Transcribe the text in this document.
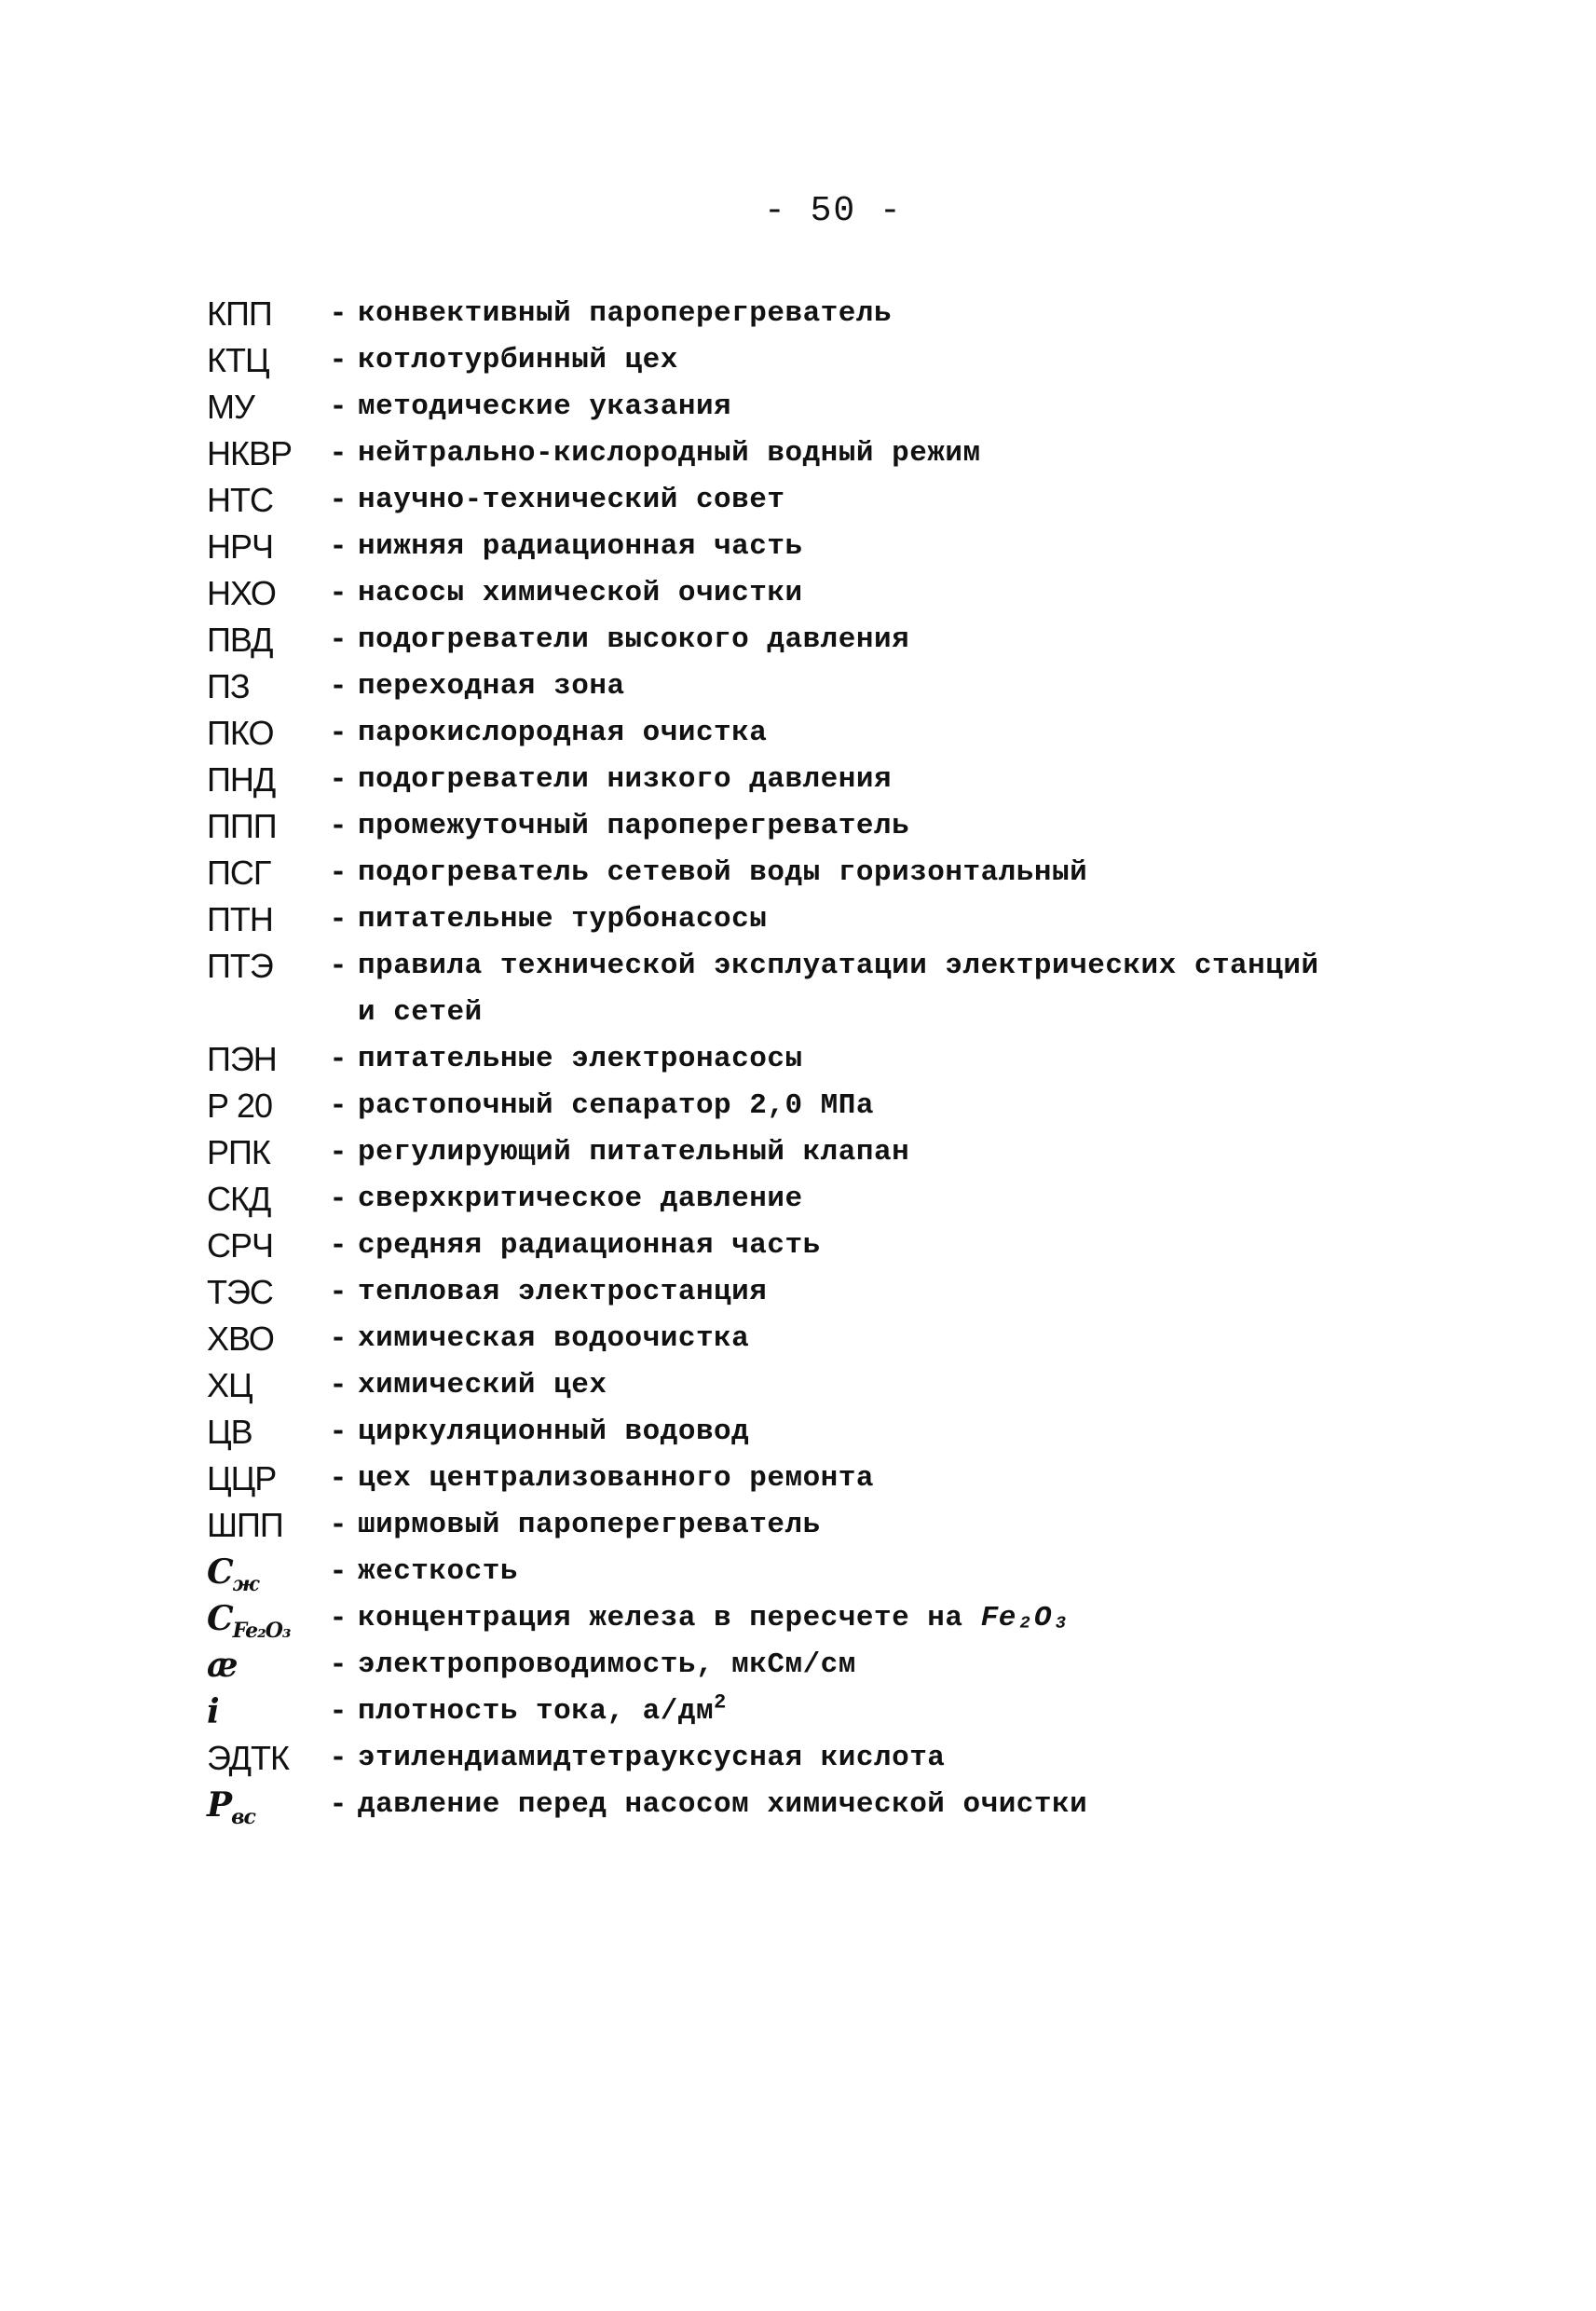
- 50 -
КПП	- конвективный пароперегреватель
КТЦ	- котлотурбинный цех
МУ	- методические указания
НКВР	- нейтрально-кислородный водный режим
НТС	- научно-технический совет
НРЧ	- нижняя радиационная часть
НХО	- насосы химической очистки
ПВД	- подогреватели высокого давления
ПЗ	- переходная зона
ПКО	- парокислородная очистка
ПНД	- подогреватели низкого давления
ППП	- промежуточный пароперегреватель
ПСГ	- подогреватель сетевой воды горизонтальный
ПТН	- питательные турбонасосы
ПТЭ	- правила технической эксплуатации электрических станций
и сетей
ПЭН	- питательные электронасосы
Р 20	- растопочный сепаратор 2,0 МПа
РПК	- регулирующий питательный клапан
СКД	- сверхкритическое давление
СРЧ	- средняя радиационная часть
ТЭС	- тепловая электростанция
ХВО	- химическая водоочистка
ХЦ	- химический цех
ЦВ	- циркуляционный водовод
ЦЦР	- цех централизованного ремонта
ШПП	- ширмовый пароперегреватель
$C_ж$	- жесткость
$C_{Fe_2O_3}$	- концентрация железа в пересчете на Fe₂O₃
æ	- электропроводимость, мкСм/см
i	- плотность тока, $а/дм^2$
ЭДТК	- этилендиамидтетрауксусная кислота
$P_{вс}$	- давление перед насосом химической очистки
